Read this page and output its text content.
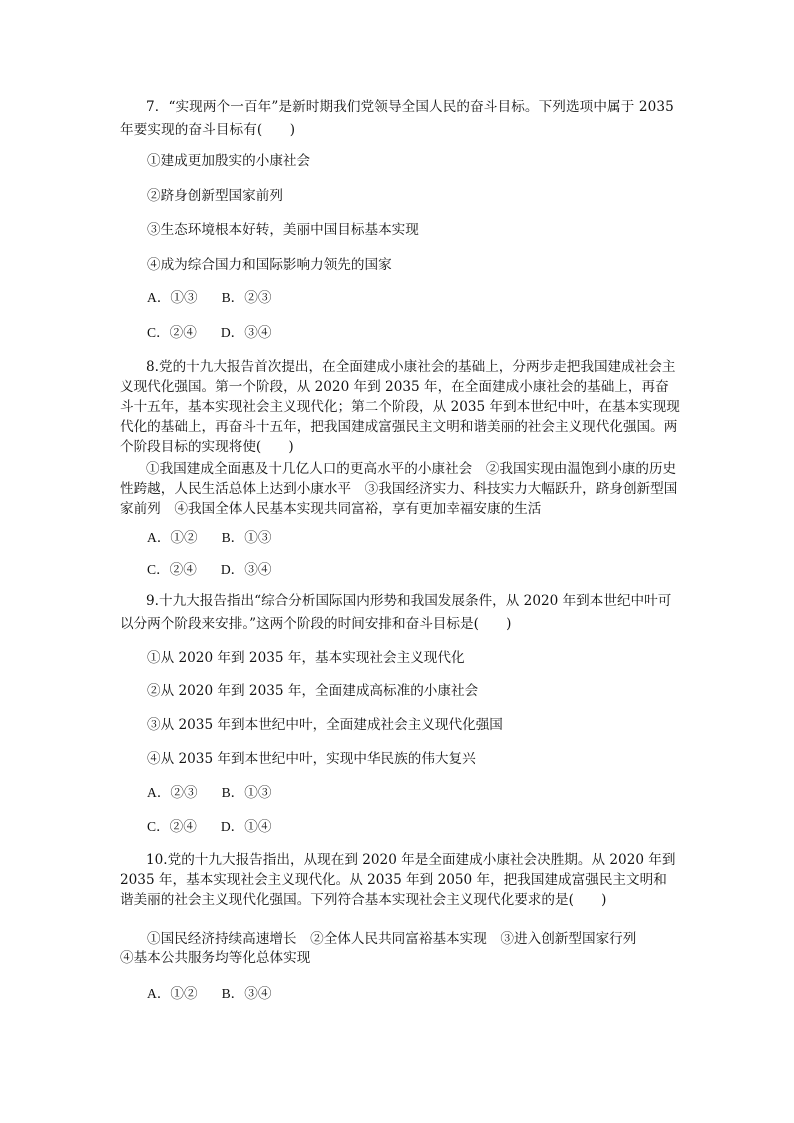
7．“实现两个一百年”是新时期我们党领导全国人民的奋斗目标。下列选项中属于 2035 年要实现的奋斗目标有(　　)
①建成更加殷实的小康社会
②跻身创新型国家前列
③生态环境根本好转，美丽中国目标基本实现
④成为综合国力和国际影响力领先的国家
A．①③ B．②③
C．②④ D．③④
8.党的十九大报告首次提出，在全面建成小康社会的基础上，分两步走把我国建成社会主义现代化强国。第一个阶段，从 2020 年到 2035 年，在全面建成小康社会的基础上，再奋斗十五年，基本实现社会主义现代化；第二个阶段，从 2035 年到本世纪中叶，在基本实现现代化的基础上，再奋斗十五年，把我国建成富强民主文明和谐美丽的社会主义现代化强国。两个阶段目标的实现将使(　　)
①我国建成全面惠及十几亿人口的更高水平的小康社会　②我国实现由温饱到小康的历史性跨越，人民生活总体上达到小康水平　③我国经济实力、科技实力大幅跃升，跻身创新型国家前列　④我国全体人民基本实现共同富裕，享有更加幸福安康的生活
A．①② B．①③
C．②④ D．③④
9.十九大报告指出“综合分析国际国内形势和我国发展条件，从 2020 年到本世纪中叶可以分两个阶段来安排。”这两个阶段的时间安排和奋斗目标是(　　)
①从 2020 年到 2035 年，基本实现社会主义现代化
②从 2020 年到 2035 年，全面建成高标准的小康社会
③从 2035 年到本世纪中叶，全面建成社会主义现代化强国
④从 2035 年到本世纪中叶，实现中华民族的伟大复兴
A．②③ B．①③
C．②④ D．①④
10.党的十九大报告指出，从现在到 2020 年是全面建成小康社会决胜期。从 2020 年到 2035 年，基本实现社会主义现代化。从 2035 年到 2050 年，把我国建成富强民主文明和谐美丽的社会主义现代化强国。下列符合基本实现社会主义现代化要求的是(　　)
①国民经济持续高速增长　②全体人民共同富裕基本实现　③进入创新型国家行列
④基本公共服务均等化总体实现
A．①② B．③④
